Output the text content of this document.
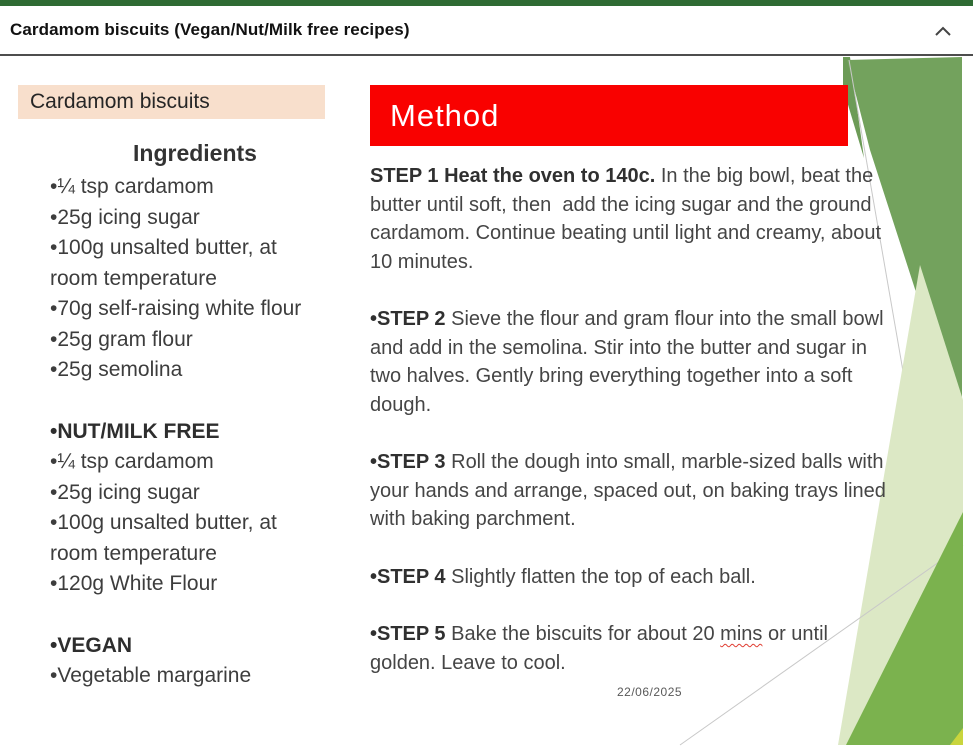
Cardamom biscuits (Vegan/Nut/Milk free recipes)
Cardamom biscuits
Ingredients
•¼ tsp cardamom
•25g icing sugar
•100g unsalted butter, at room temperature
•70g self-raising white flour
•25g gram flour
•25g semolina
•NUT/MILK FREE
•¼ tsp cardamom
•25g icing sugar
•100g unsalted butter, at room temperature
•120g White Flour
•VEGAN
•Vegetable margarine
Method

STEP 1 Heat the oven to 140c. In the big bowl, beat the butter until soft, then  add the icing sugar and the ground cardamom. Continue beating until light and creamy, about 10 minutes.

•STEP 2 Sieve the flour and gram flour into the small bowl and add in the semolina. Stir into the butter and sugar in two halves. Gently bring everything together into a soft dough.

•STEP 3 Roll the dough into small, marble-sized balls with your hands and arrange, spaced out, on baking trays lined with baking parchment.

•STEP 4 Slightly flatten the top of each ball.

•STEP 5 Bake the biscuits for about 20 mins or until golden. Leave to cool.

22/06/2025
